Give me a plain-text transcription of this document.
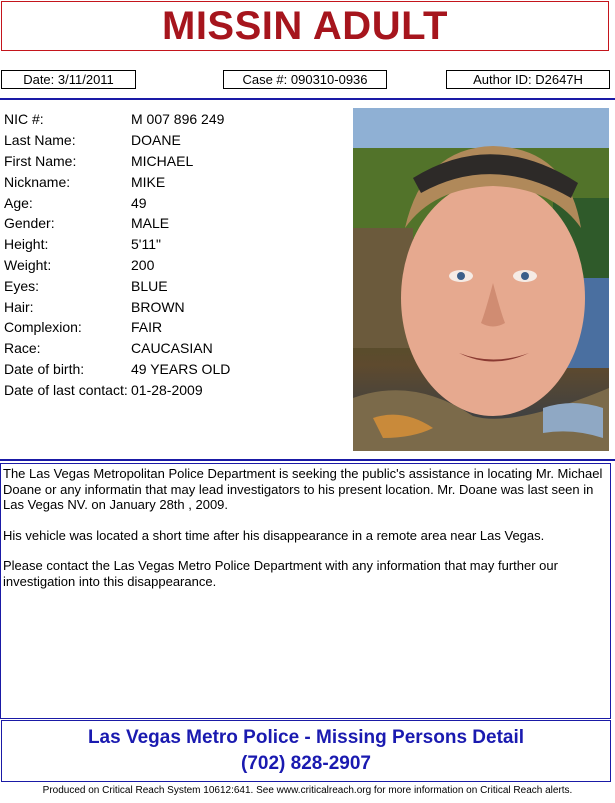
MISSIN ADULT
Date: 3/11/2011	Case #: 090310-0936	Author ID: D2647H
NIC #:	M 007 896 249
Last Name:	DOANE
First Name:	MICHAEL
Nickname:	MIKE
Age:	49
Gender:	MALE
Height:	5'11"
Weight:	200
Eyes:	BLUE
Hair:	BROWN
Complexion:	FAIR
Race:	CAUCASIAN
Date of birth:	49 YEARS OLD
Date of last contact: 01-28-2009

The Las Vegas Metropolitan Police Department is seeking the public's assistance in locating Mr. Michael Doane or any informatin that may lead investigators to his present location. Mr. Doane was last seen in Las Vegas NV. on January 28th , 2009.

His vehicle was located a short time after his disappearance in a remote area near Las Vegas.

Please contact the Las Vegas Metro Police Department with any information that may further our investigation into this disappearance.

Las Vegas Metro Police - Missing Persons Detail
(702) 828-2907
Produced on Critical Reach System 10612:641. See www.criticalreach.org for more information on Critical Reach alerts.
